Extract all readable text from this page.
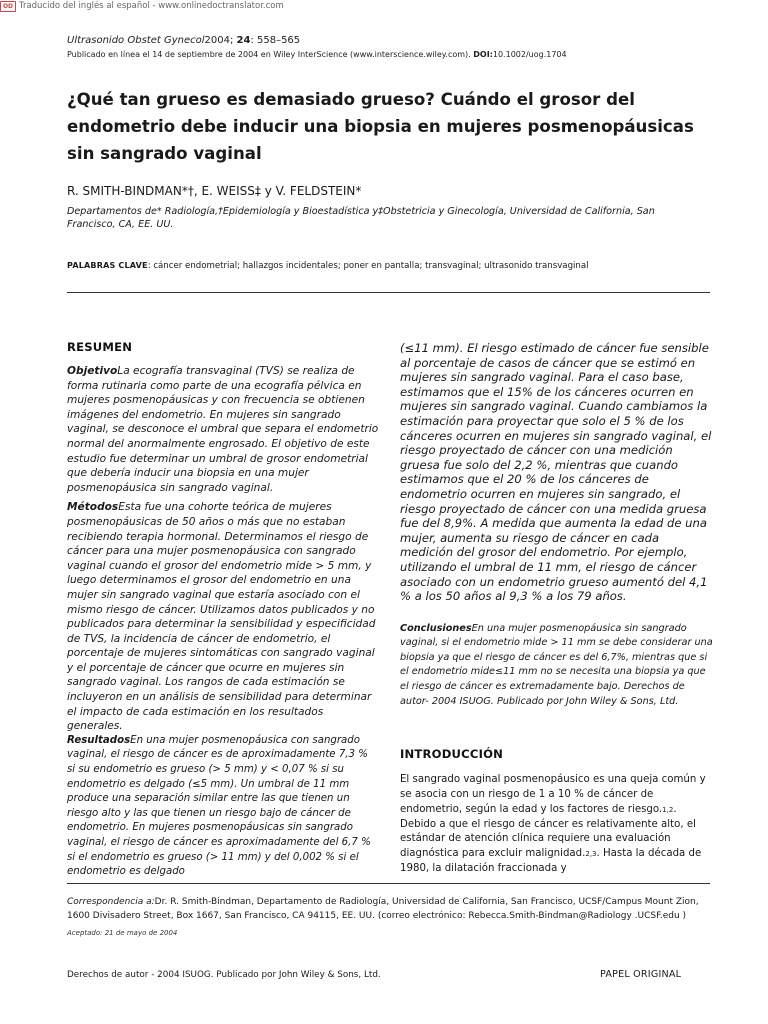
OD Traducido del inglés al español - www.onlinedoctranslator.com
Ultrasonido Obstet Gynecol2004; 24: 558–565
Publicado en línea el 14 de septiembre de 2004 en Wiley InterScience (www.interscience.wiley.com). DOI:10.1002/uog.1704
¿Qué tan grueso es demasiado grueso? Cuándo el grosor del endometrio debe inducir una biopsia en mujeres posmenopáusicas sin sangrado vaginal
R. SMITH-BINDMAN*†, E. WEISS‡ y V. FELDSTEIN*
Departamentos de* Radiología,†Epidemiología y Bioestadística y‡Obstetricia y Ginecología, Universidad de California, San Francisco, CA, EE. UU.
PALABRAS CLAVE: cáncer endometrial; hallazgos incidentales; poner en pantalla; transvaginal; ultrasonido transvaginal
RESUMEN

ObjetivoLa ecografía transvaginal (TVS) se realiza de forma rutinaria como parte de una ecografía pélvica en mujeres posmenopáusicas y con frecuencia se obtienen imágenes del endometrio. En mujeres sin sangrado vaginal, se desconoce el umbral que separa el endometrio normal del anormalmente engrosado. El objetivo de este estudio fue determinar un umbral de grosor endometrial que debería inducir una biopsia en una mujer posmenopáusica sin sangrado vaginal.

MétodosEsta fue una cohorte teórica de mujeres posmenopáusicas de 50 años o más que no estaban recibiendo terapia hormonal. Determinamos el riesgo de cáncer para una mujer posmenopáusica con sangrado vaginal cuando el grosor del endometrio mide > 5 mm, y luego determinamos el grosor del endometrio en una mujer sin sangrado vaginal que estaría asociado con el mismo riesgo de cáncer. Utilizamos datos publicados y no publicados para determinar la sensibilidad y especificidad de TVS, la incidencia de cáncer de endometrio, el porcentaje de mujeres sintomáticas con sangrado vaginal y el porcentaje de cáncer que ocurre en mujeres sin sangrado vaginal. Los rangos de cada estimación se incluyeron en un análisis de sensibilidad para determinar el impacto de cada estimación en los resultados generales.

ResultadosEn una mujer posmenopáusica con sangrado vaginal, el riesgo de cáncer es de aproximadamente 7,3 % si su endometrio es grueso (> 5 mm) y < 0,07 % si su endometrio es delgado (≤5 mm). Un umbral de 11 mm produce una separación similar entre las que tienen un riesgo alto y las que tienen un riesgo bajo de cáncer de endometrio. En mujeres posmenopáusicas sin sangrado vaginal, el riesgo de cáncer es aproximadamente del 6,7 % si el endometrio es grueso (> 11 mm) y del 0,002 % si el endometrio es delgado

(≤11 mm). El riesgo estimado de cáncer fue sensible al porcentaje de casos de cáncer que se estimó en mujeres sin sangrado vaginal. Para el caso base, estimamos que el 15% de los cánceres ocurren en mujeres sin sangrado vaginal. Cuando cambiamos la estimación para proyectar que solo el 5 % de los cánceres ocurren en mujeres sin sangrado vaginal, el riesgo proyectado de cáncer con una medición gruesa fue solo del 2,2 %, mientras que cuando estimamos que el 20 % de los cánceres de endometrio ocurren en mujeres sin sangrado, el riesgo proyectado de cáncer con una medida gruesa fue del 8,9%. A medida que aumenta la edad de una mujer, aumenta su riesgo de cáncer en cada medición del grosor del endometrio. Por ejemplo, utilizando el umbral de 11 mm, el riesgo de cáncer asociado con un endometrio grueso aumentó del 4,1 % a los 50 años al 9,3 % a los 79 años.

ConclusionesEn una mujer posmenopáusica sin sangrado vaginal, si el endometrio mide > 11 mm se debe considerar una biopsia ya que el riesgo de cáncer es del 6,7%, mientras que si el endometrio mide≤11 mm no se necesita una biopsia ya que el riesgo de cáncer es extremadamente bajo. Derechos de autor- 2004 ISUOG. Publicado por John Wiley & Sons, Ltd.

INTRODUCCIÓN

El sangrado vaginal posmenopáusico es una queja común y se asocia con un riesgo de 1 a 10 % de cáncer de endometrio, según la edad y los factores de riesgo.1,2. Debido a que el riesgo de cáncer es relativamente alto, el estándar de atención clínica requiere una evaluación diagnóstica para excluir malignidad.2,3. Hasta la década de 1980, la dilatación fraccionada y

Correspondencia a:Dr. R. Smith-Bindman, Departamento de Radiología, Universidad de California, San Francisco, UCSF/Campus Mount Zion, 1600 Divisadero Street, Box 1667, San Francisco, CA 94115, EE. UU. (correo electrónico: Rebecca.Smith-Bindman@Radiology .UCSF.edu )
Aceptado: 21 de mayo de 2004
Derechos de autor - 2004 ISUOG. Publicado por John Wiley & Sons, Ltd.	PAPEL ORIGINAL
